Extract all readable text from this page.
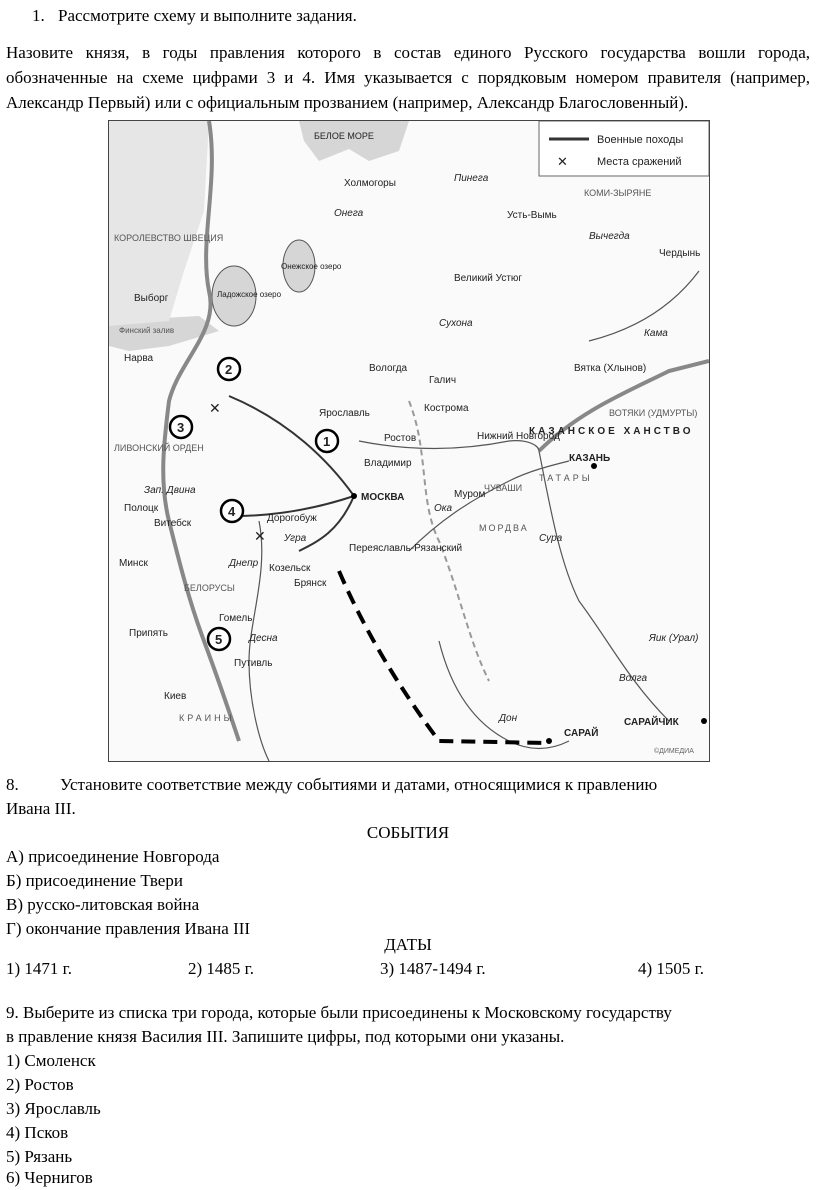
1. Рассмотрите схему и выполните задания.
Назовите князя, в годы правления которого в состав единого Русского государства вошли города,
обозначенные на схеме цифрами 3 и 4. Имя указывается с порядковым номером правителя (например,
Александр Первый) или с официальным прозванием (например, Александр Благословенный).
✕
✕
Военные походы
✕	Места сражений
БЕЛОЕ МОРЕ
КОМИ-ЗЫРЯНЕ
КАЗАНСКОЕ ХАНСТВО
ВОТЯКИ (УДМУРТЫ)
МОРДВА
ЧУВАШИ
ТАТАРЫ
БЕЛОРУСЫ
КРАИНЫ
ЛИВОНСКИЙ ОРДЕН
КОРОЛЕВСТВО ШВЕЦИЯ
Финский залив
Ладожское озеро
Онежское озеро
Холмогоры
Усть-Вымь
Чердынь
Великий Устюг
Вологда
Галич
Ярославль	Кострома
Ростов
Владимир
Нижний Новгород
Муром
Вятка (Хлынов)
Выборг
Нарва
Полоцк
Витебск
Минск
Дорогобуж
Козельск
Брянск
Переяславль-Рязанский
Гомель
Путивль
Киев
Припять
МОСКВА
КАЗАНЬ
САРАЙ
САРАЙЧИК
Волга
Днепр
Дон
Ока
Кама
Сура
Вычегда
Пинега
Онега
Сухона
Угра
Десна
Зап. Двина
Яик (Урал)
1
2
3
4
5
©ДИМЕДИА
8. Установите соответствие между событиями и датами, относящимися к правлению
Ивана III.
СОБЫТИЯ
А) присоединение Новгорода
Б) присоединение Твери
В) русско-литовская война
Г) окончание правления Ивана III
ДАТЫ
1) 1471 г.	2) 1485 г.	3) 1487-1494 г.	4) 1505 г.
9. Выберите из списка три города, которые были присоединены к Московскому государству
в правление князя Василия III. Запишите цифры, под которыми они указаны.
1) Смоленск
2) Ростов
3) Ярославль
4) Псков
5) Рязань
6) Чернигов
